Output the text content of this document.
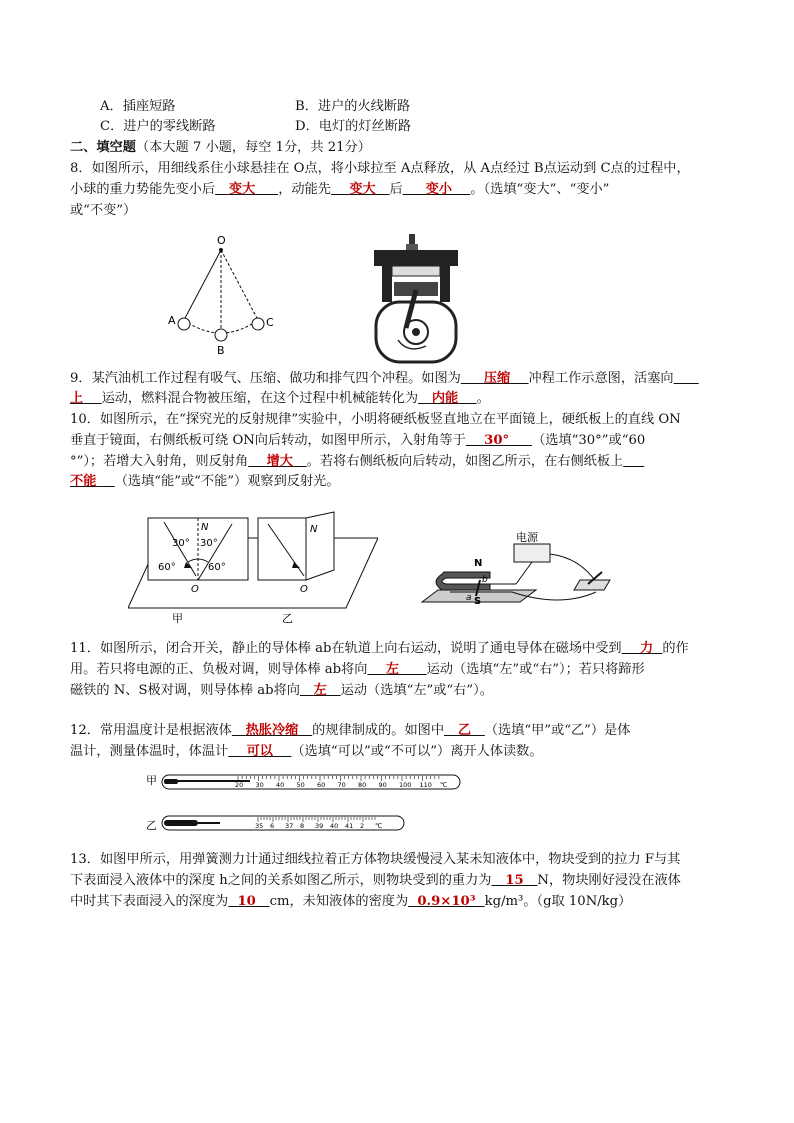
A．插座短路	B．进户的火线断路
C．进户的零线断路	D．电灯的灯丝断路
二、填空题（本大题 7 小题，每空 1分，共 21分）
8．如图所示，用细线系住小球悬挂在 O点，将小球拉至 A点释放，从 A点经过 B点运动到 C点的过程中，
小球的重力势能先变小后 变大 ，动能先 变大 后 变小 。（选填“变大”、“变小”
或“不变”）
O
A
B
C
9．某汽油机工作过程有吸气、压缩、做功和排气四个冲程。如图为 压缩 冲程工作示意图，活塞向
上 运动，燃料混合物被压缩，在这个过程中机械能转化为 内能 。
10．如图所示，在“探究光的反射规律”实验中，小明将硬纸板竖直地立在平面镜上，硬纸板上的直线 ON
垂直于镜面，右侧纸板可绕 ON向后转动，如图甲所示，入射角等于 30° （选填“30°”或“60
°”）；若增大入射角，则反射角 增大 。若将右侧纸板向后转动，如图乙所示，在右侧纸板上
不能 （选填“能”或“不能”）观察到反射光。
N
30° 30°
60°	60°
O
N
O
甲	乙
电源
N
S
b
a
11．如图所示，闭合开关，静止的导体棒 ab在轨道上向右运动，说明了通电导体在磁场中受到 力 的作
用。若只将电源的正、负极对调，则导体棒 ab将向 左 运动（选填“左”或“右”）；若只将蹄形
磁铁的 N、S极对调，则导体棒 ab将向 左 运动（选填“左”或“右”）。
12．常用温度计是根据液体 热胀冷缩 的规律制成的。如图中 乙 （选填“甲”或“乙”）是体
温计，测量体温时，体温计 可以 （选填“可以”或“不可以”）离开人体读数。
甲	20 30 40 50 60 70 80 90 100 110 ℃
乙	35 6 37 8 39 40 41 2 ℃
13．如图甲所示，用弹簧测力计通过细线拉着正方体物块缓慢浸入某未知液体中，物块受到的拉力 F与其
下表面浸入液体中的深度 h之间的关系如图乙所示，则物块受到的重力为 15 N，物块刚好浸没在液体
中时其下表面浸入的深度为 10 cm，未知液体的密度为 0.9×10³ kg/m³。（g取 10N/kg）
